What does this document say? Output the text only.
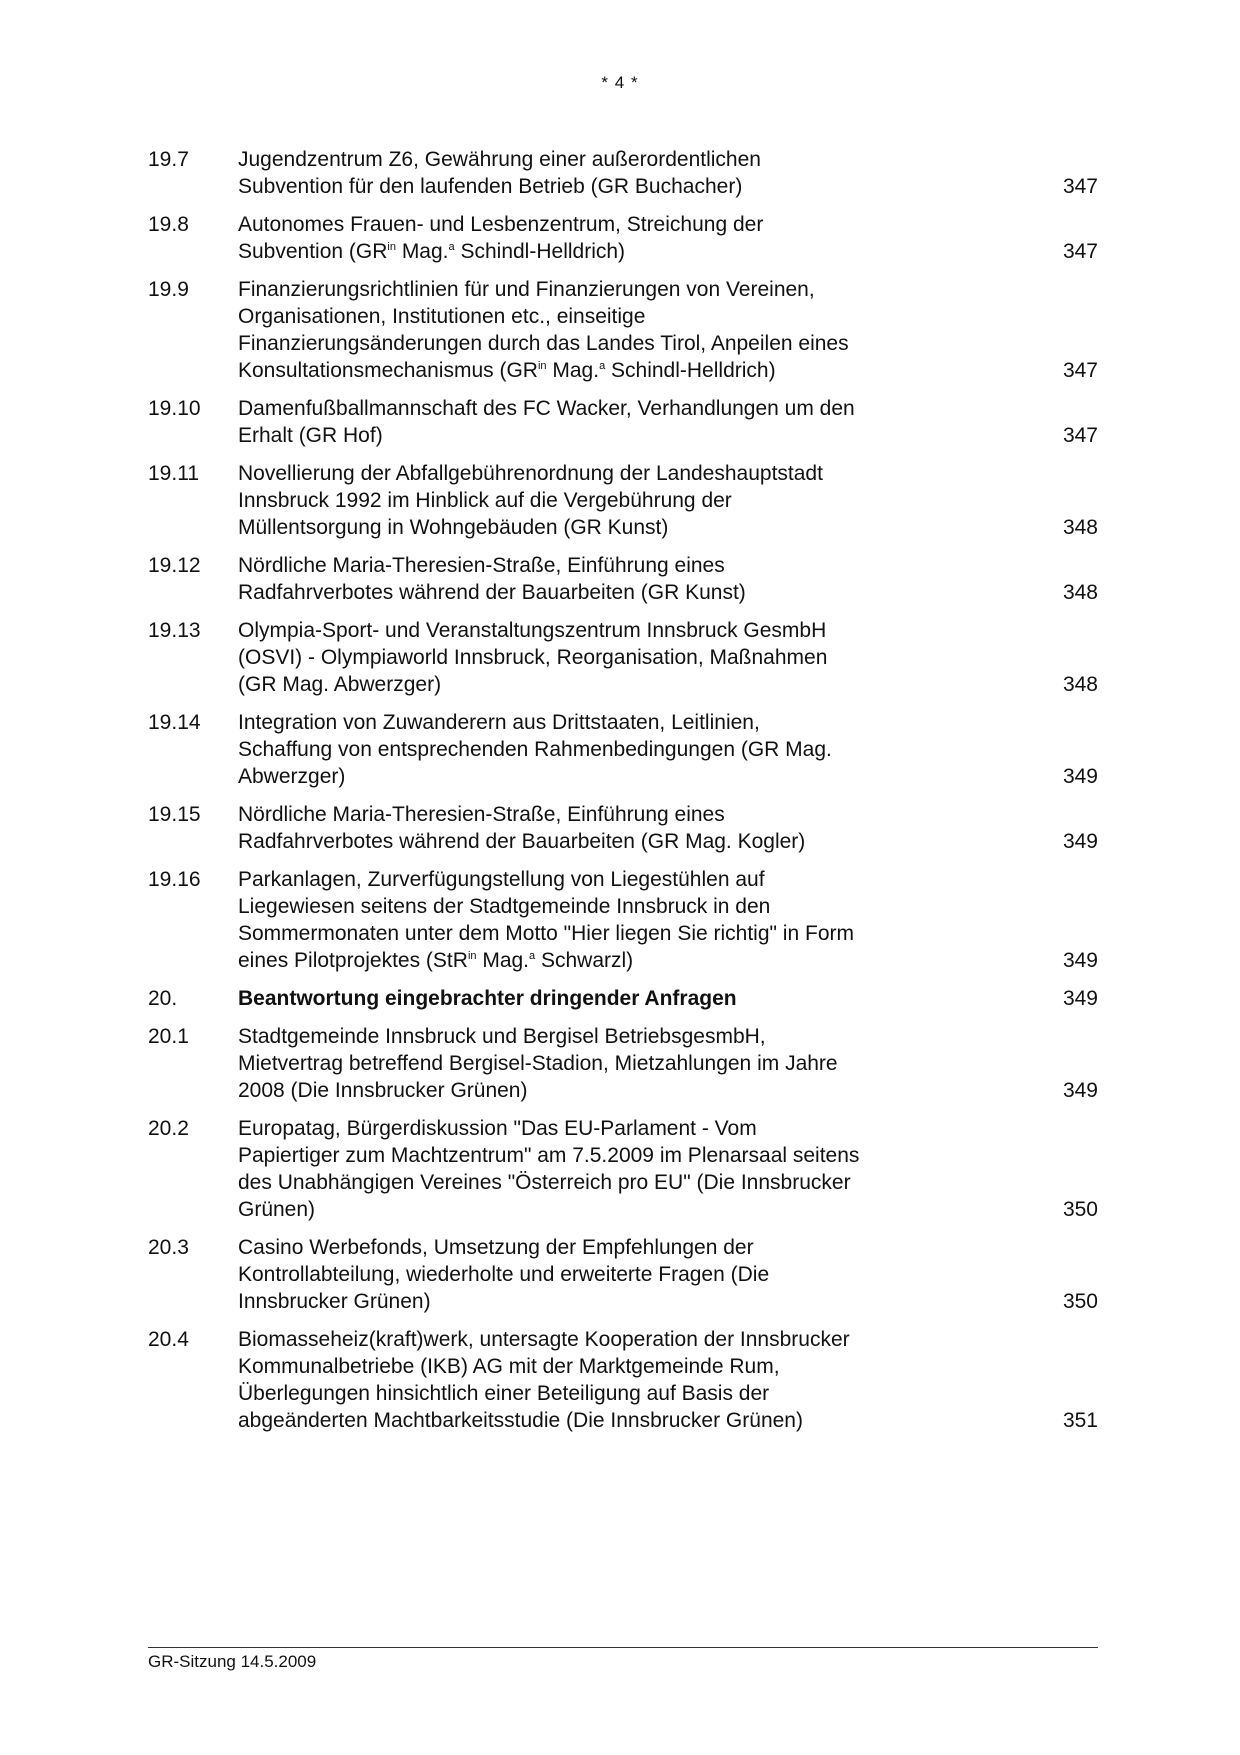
* 4 *
19.7	Jugendzentrum Z6, Gewährung einer außerordentlichen
Subvention für den laufenden Betrieb (GR Buchacher)	347
19.8	Autonomes Frauen- und Lesbenzentrum, Streichung der
Subvention ($GR^{in}$ Mag.$^a$ Schindl-Helldrich)	347
19.9	Finanzierungsrichtlinien für und Finanzierungen von Vereinen,
Organisationen, Institutionen etc., einseitige
Finanzierungsänderungen durch das Landes Tirol, Anpeilen eines
Konsultationsmechanismus ($GR^{in}$ Mag.$^a$ Schindl-Helldrich)	347
19.10	Damenfußballmannschaft des FC Wacker, Verhandlungen um den
Erhalt (GR Hof)	347
19.11	Novellierung der Abfallgebührenordnung der Landeshauptstadt
Innsbruck 1992 im Hinblick auf die Vergebührung der
Müllentsorgung in Wohngebäuden (GR Kunst)	348
19.12	Nördliche Maria-Theresien-Straße, Einführung eines
Radfahrverbotes während der Bauarbeiten (GR Kunst)	348
19.13	Olympia-Sport- und Veranstaltungszentrum Innsbruck GesmbH
(OSVI) - Olympiaworld Innsbruck, Reorganisation, Maßnahmen
(GR Mag. Abwerzger)	348
19.14	Integration von Zuwanderern aus Drittstaaten, Leitlinien,
Schaffung von entsprechenden Rahmenbedingungen (GR Mag.
Abwerzger)	349
19.15	Nördliche Maria-Theresien-Straße, Einführung eines
Radfahrverbotes während der Bauarbeiten (GR Mag. Kogler)	349
19.16	Parkanlagen, Zurverfügungstellung von Liegestühlen auf
Liegewiesen seitens der Stadtgemeinde Innsbruck in den
Sommermonaten unter dem Motto "Hier liegen Sie richtig" in Form
eines Pilotprojektes (StR$^{in}$ Mag.$^a$ Schwarzl)	349
20.	Beantwortung eingebrachter dringender Anfragen	349
20.1	Stadtgemeinde Innsbruck und Bergisel BetriebsgesmbH,
Mietvertrag betreffend Bergisel-Stadion, Mietzahlungen im Jahre
2008 (Die Innsbrucker Grünen)	349
20.2	Europatag, Bürgerdiskussion "Das EU-Parlament - Vom
Papiertiger zum Machtzentrum" am 7.5.2009 im Plenarsaal seitens
des Unabhängigen Vereines "Österreich pro EU" (Die Innsbrucker
Grünen)	350
20.3	Casino Werbefonds, Umsetzung der Empfehlungen der
Kontrollabteilung, wiederholte und erweiterte Fragen (Die
Innsbrucker Grünen)	350
20.4	Biomasseheiz(kraft)werk, untersagte Kooperation der Innsbrucker
Kommunalbetriebe (IKB) AG mit der Marktgemeinde Rum,
Überlegungen hinsichtlich einer Beteiligung auf Basis der
abgeänderten Machtbarkeitsstudie (Die Innsbrucker Grünen)	351
GR-Sitzung 14.5.2009
